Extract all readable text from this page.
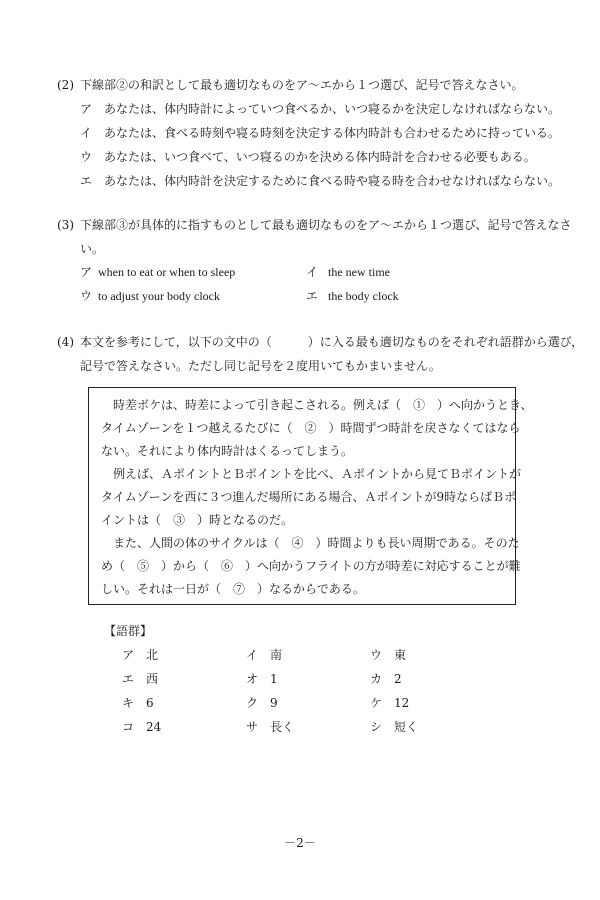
(2) 下線部②の和訳として最も適切なものをア～エから１つ選び、記号で答えなさい。
ア あなたは、体内時計によっていつ食べるか、いつ寝るかを決定しなければならない。
イ あなたは、食べる時刻や寝る時刻を決定する体内時計も合わせるために持っている。
ウ あなたは、いつ食べて、いつ寝るのかを決める体内時計を合わせる必要もある。
エ あなたは、体内時計を決定するために食べる時や寝る時を合わせなければならない。
(3) 下線部③が具体的に指すものとして最も適切なものをア～エから１つ選び、記号で答えなさ
い。
ア when to eat or when to sleep	イ the new time
ウ to adjust your body clock	エ the body clock
(4) 本文を参考にして，以下の文中の（　　　）に入る最も適切なものをそれぞれ語群から選び，
記号で答えなさい。ただし同じ記号を２度用いてもかまいません。
　時差ボケは、時差によって引き起こされる。例えば（　①　）へ向かうとき、
タイムゾーンを１つ越えるたびに（　②　）時間ずつ時計を戻さなくてはなら
ない。それにより体内時計はくるってしまう。
　例えば、ＡポイントとＢポイントを比べ、Ａポイントから見てＢポイントが
タイムゾーンを西に３つ進んだ場所にある場合、Ａポイントが9時ならばＢポ
イントは（　③　）時となるのだ。
　また、人間の体のサイクルは（　④　）時間よりも長い周期である。そのた
め（　⑤　）から（　⑥　）へ向かうフライトの方が時差に対応することが難
しい。それは一日が（　⑦　）なるからである。
【語群】
ア 北	イ 南	ウ 東
エ 西	オ 1	カ 2
キ 6	ク 9	ケ 12
コ 24	サ 長く	シ 短く
－2－
